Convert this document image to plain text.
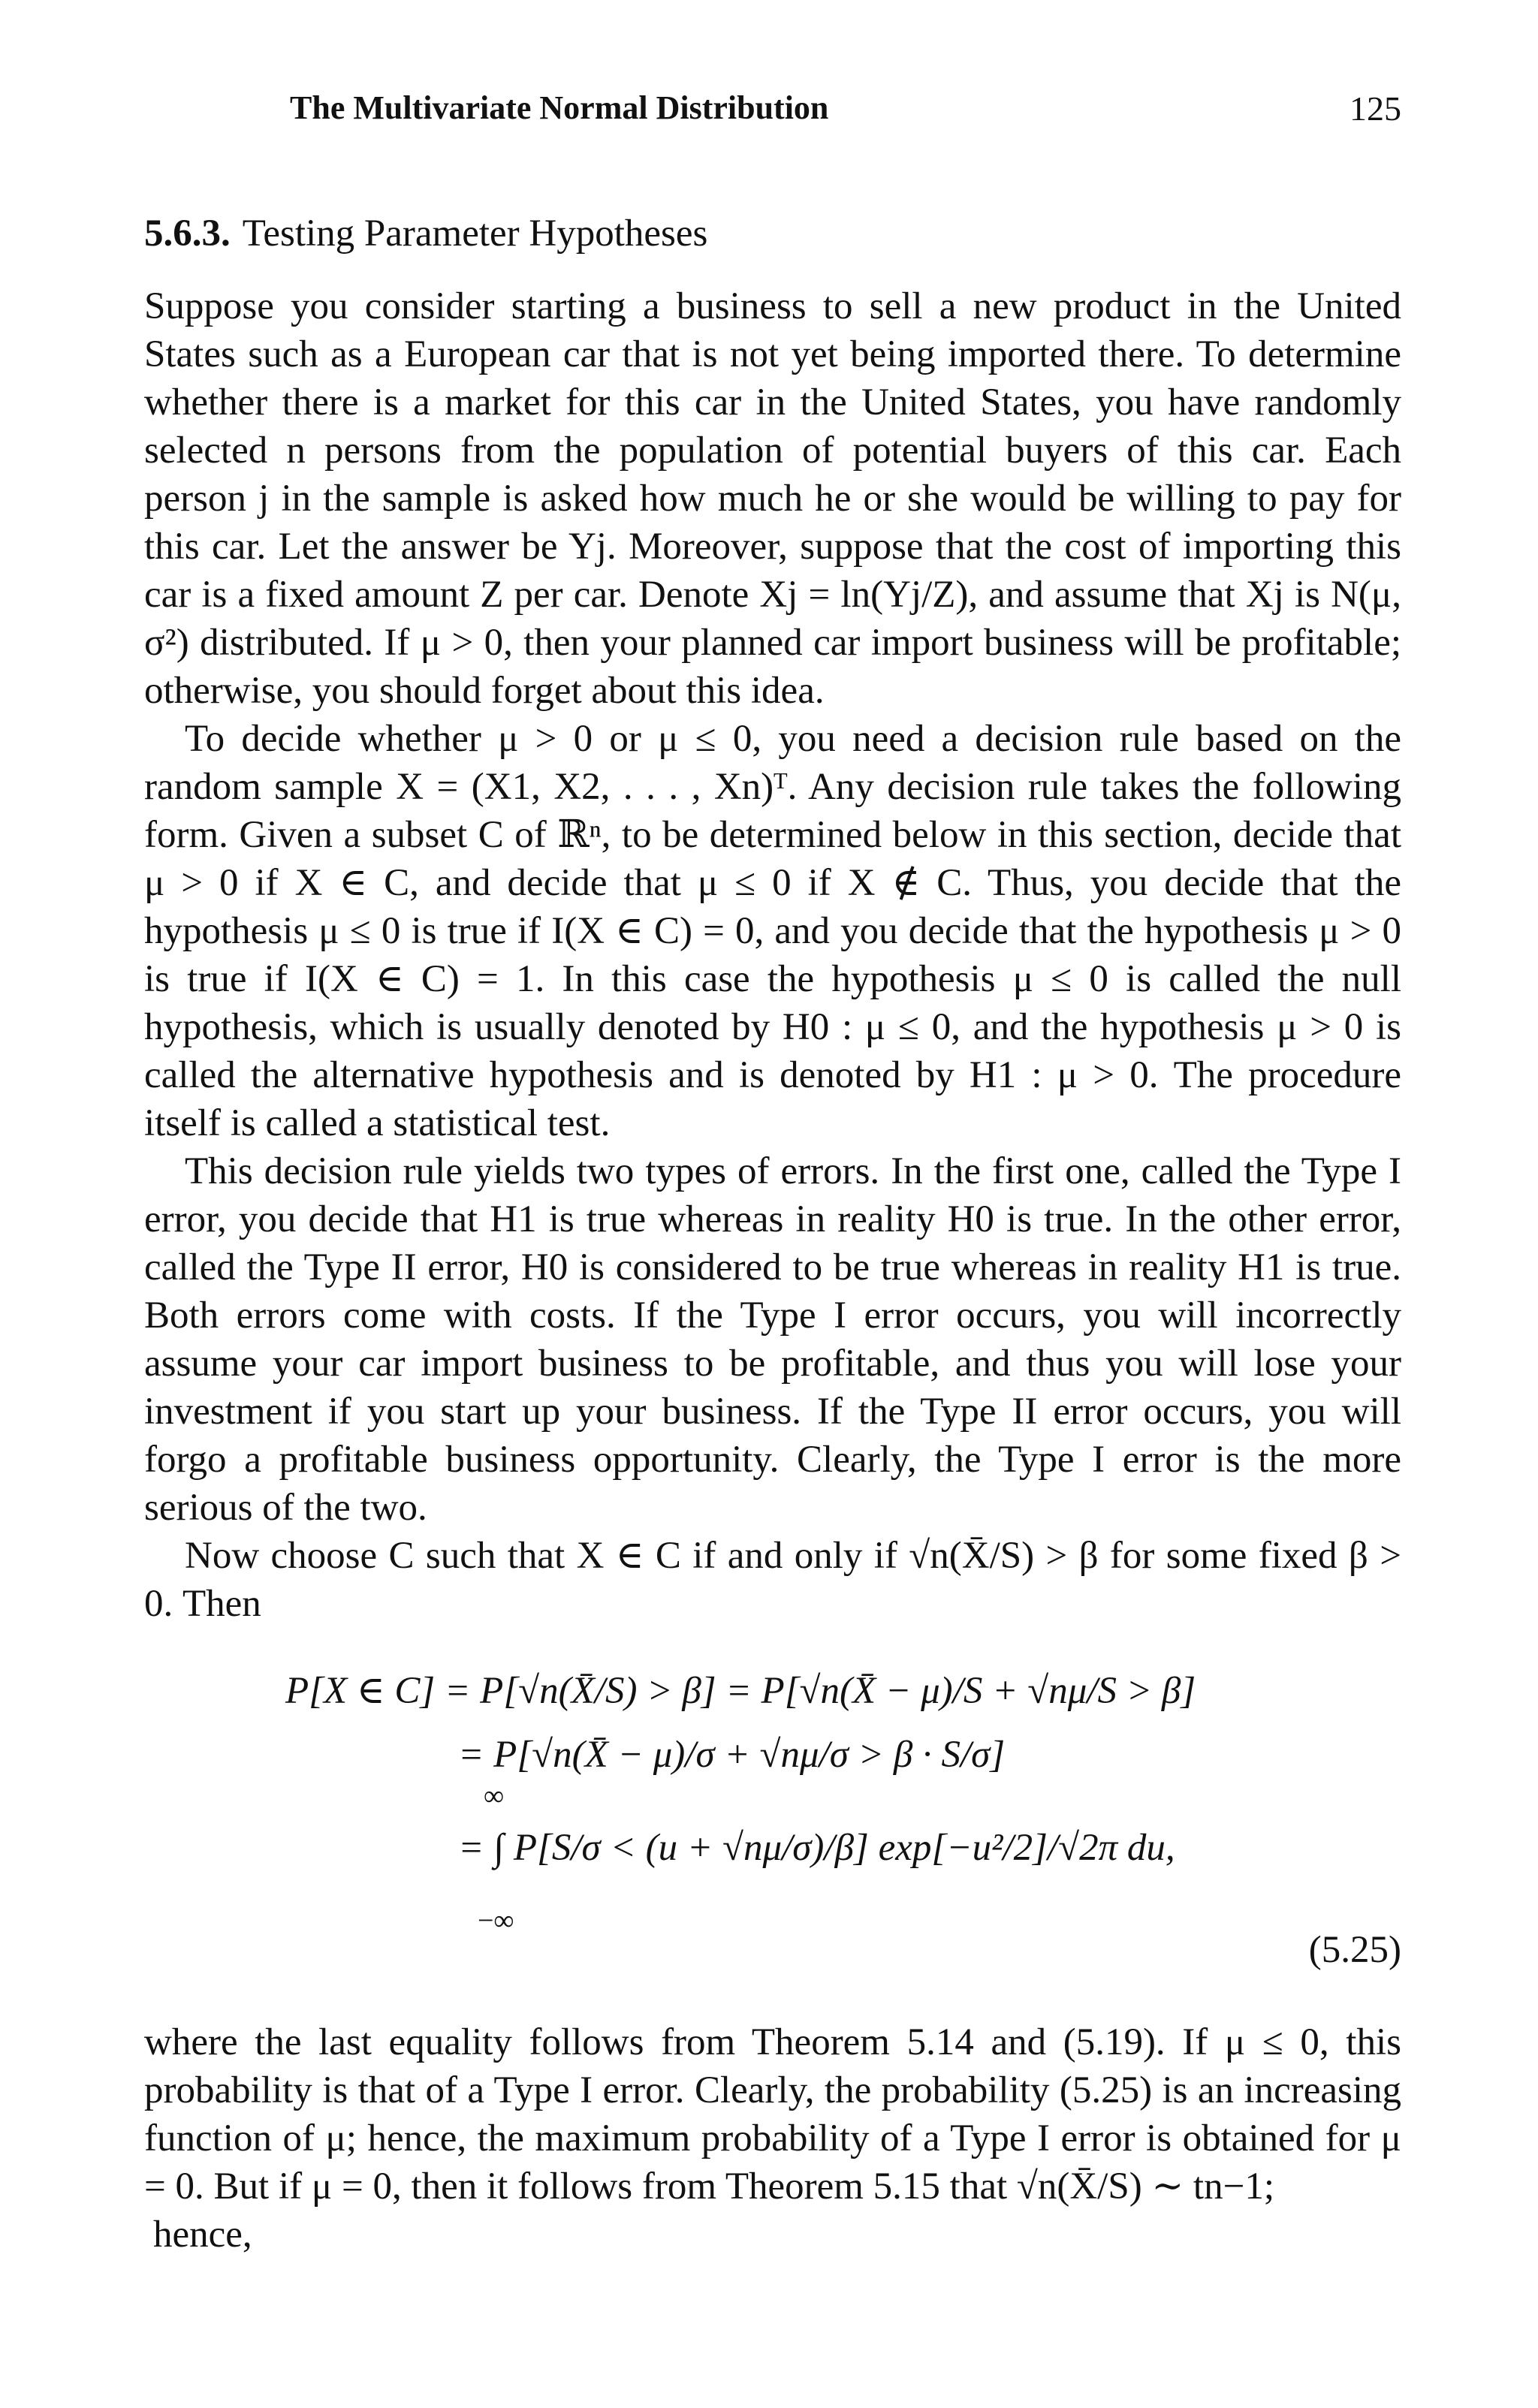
The Multivariate Normal Distribution	125
5.6.3. Testing Parameter Hypotheses

Suppose you consider starting a business to sell a new product in the United States such as a European car that is not yet being imported there. To determine whether there is a market for this car in the United States, you have randomly selected n persons from the population of potential buyers of this car. Each person j in the sample is asked how much he or she would be willing to pay for this car. Let the answer be Yj. Moreover, suppose that the cost of importing this car is a fixed amount Z per car. Denote Xj = ln(Yj/Z), and assume that Xj is N(μ, σ²) distributed. If μ > 0, then your planned car import business will be profitable; otherwise, you should forget about this idea.

To decide whether μ > 0 or μ ≤ 0, you need a decision rule based on the random sample X = (X1, X2, . . . , Xn)ᵀ. Any decision rule takes the following form. Given a subset C of ℝⁿ, to be determined below in this section, decide that μ > 0 if X ∈ C, and decide that μ ≤ 0 if X ∉ C. Thus, you decide that the hypothesis μ ≤ 0 is true if I(X ∈ C) = 0, and you decide that the hypothesis μ > 0 is true if I(X ∈ C) = 1. In this case the hypothesis μ ≤ 0 is called the null hypothesis, which is usually denoted by H0 : μ ≤ 0, and the hypothesis μ > 0 is called the alternative hypothesis and is denoted by H1 : μ > 0. The procedure itself is called a statistical test.

This decision rule yields two types of errors. In the first one, called the Type I error, you decide that H1 is true whereas in reality H0 is true. In the other error, called the Type II error, H0 is considered to be true whereas in reality H1 is true. Both errors come with costs. If the Type I error occurs, you will incorrectly assume your car import business to be profitable, and thus you will lose your investment if you start up your business. If the Type II error occurs, you will forgo a profitable business opportunity. Clearly, the Type I error is the more serious of the two.

Now choose C such that X ∈ C if and only if √n(X̄/S) > β for some fixed β > 0. Then

P[X ∈ C] = P[√n(X̄/S) > β] = P[√n(X̄ − μ)/S + √nμ/S > β]
= P[√n(X̄ − μ)/σ + √nμ/σ > β · S/σ]
∞
= ∫ P[S/σ < (u + √nμ/σ)/β] exp[−u²/2]/√2π du,
−∞
(5.25)

where the last equality follows from Theorem 5.14 and (5.19). If μ ≤ 0, this probability is that of a Type I error. Clearly, the probability (5.25) is an increasing function of μ; hence, the maximum probability of a Type I error is obtained for μ = 0. But if μ = 0, then it follows from Theorem 5.15 that √n(X̄/S) ∼ tn−1;

hence,
